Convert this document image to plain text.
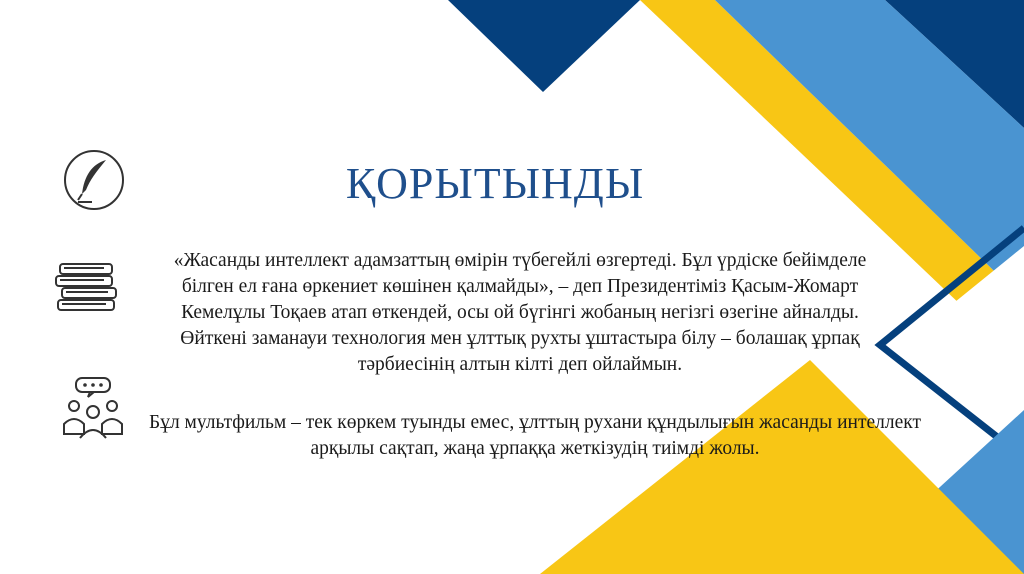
ҚОРЫТЫНДЫ

«Жасанды интеллект адамзаттың өмірін түбегейлі өзгертеді. Бұл үрдіске бейімделе білген ел ғана өркениет көшінен қалмайды», – деп Президентіміз Қасым-Жомарт Кемелұлы Тоқаев атап өткендей, осы ой бүгінгі жобаның негізгі өзегіне айналды. Өйткені заманауи технология мен ұлттық рухты ұштастыра білу – болашақ ұрпақ тәрбиесінің алтын кілті деп ойлаймын.

Бұл мультфильм – тек көркем туынды емес, ұлттың рухани құндылығын жасанды интеллект арқылы сақтап, жаңа ұрпаққа жеткізудің тиімді жолы.
